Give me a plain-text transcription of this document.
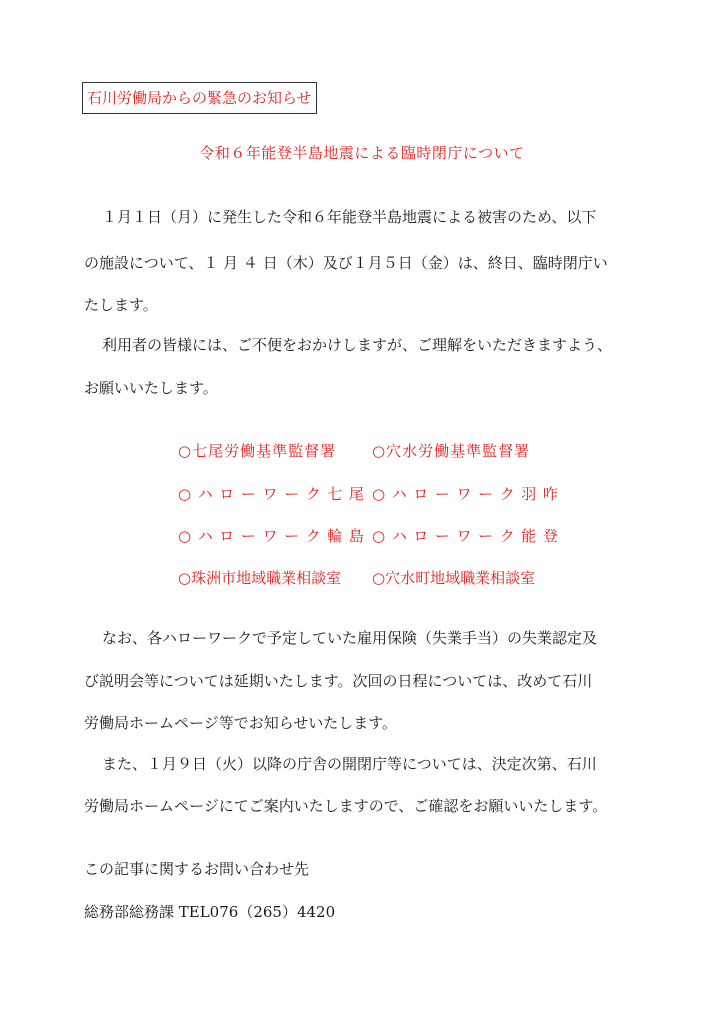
石川労働局からの緊急のお知らせ
令和６年能登半島地震による臨時閉庁について
１月１日（月）に発生した令和６年能登半島地震による被害のため、以下
の施設について、１ 月 ４ 日（木）及び１月５日（金）は、終日、臨時閉庁い
たします。
利用者の皆様には、ご不便をおかけしますが、ご理解をいただきますよう、
お願いいたします。
○七尾労働基準監督署 ○穴水労働基準監督署
○ハローワーク七尾 ○ハローワーク羽咋
○ハローワーク輪島 ○ハローワーク能登
○珠洲市地域職業相談室 ○穴水町地域職業相談室
なお、各ハローワークで予定していた雇用保険（失業手当）の失業認定及
び説明会等については延期いたします。次回の日程については、改めて石川
労働局ホームページ等でお知らせいたします。
また、１月９日（火）以降の庁舎の開閉庁等については、決定次第、石川
労働局ホームページにてご案内いたしますので、ご確認をお願いいたします。
この記事に関するお問い合わせ先
総務部総務課 TEL076（265）4420
